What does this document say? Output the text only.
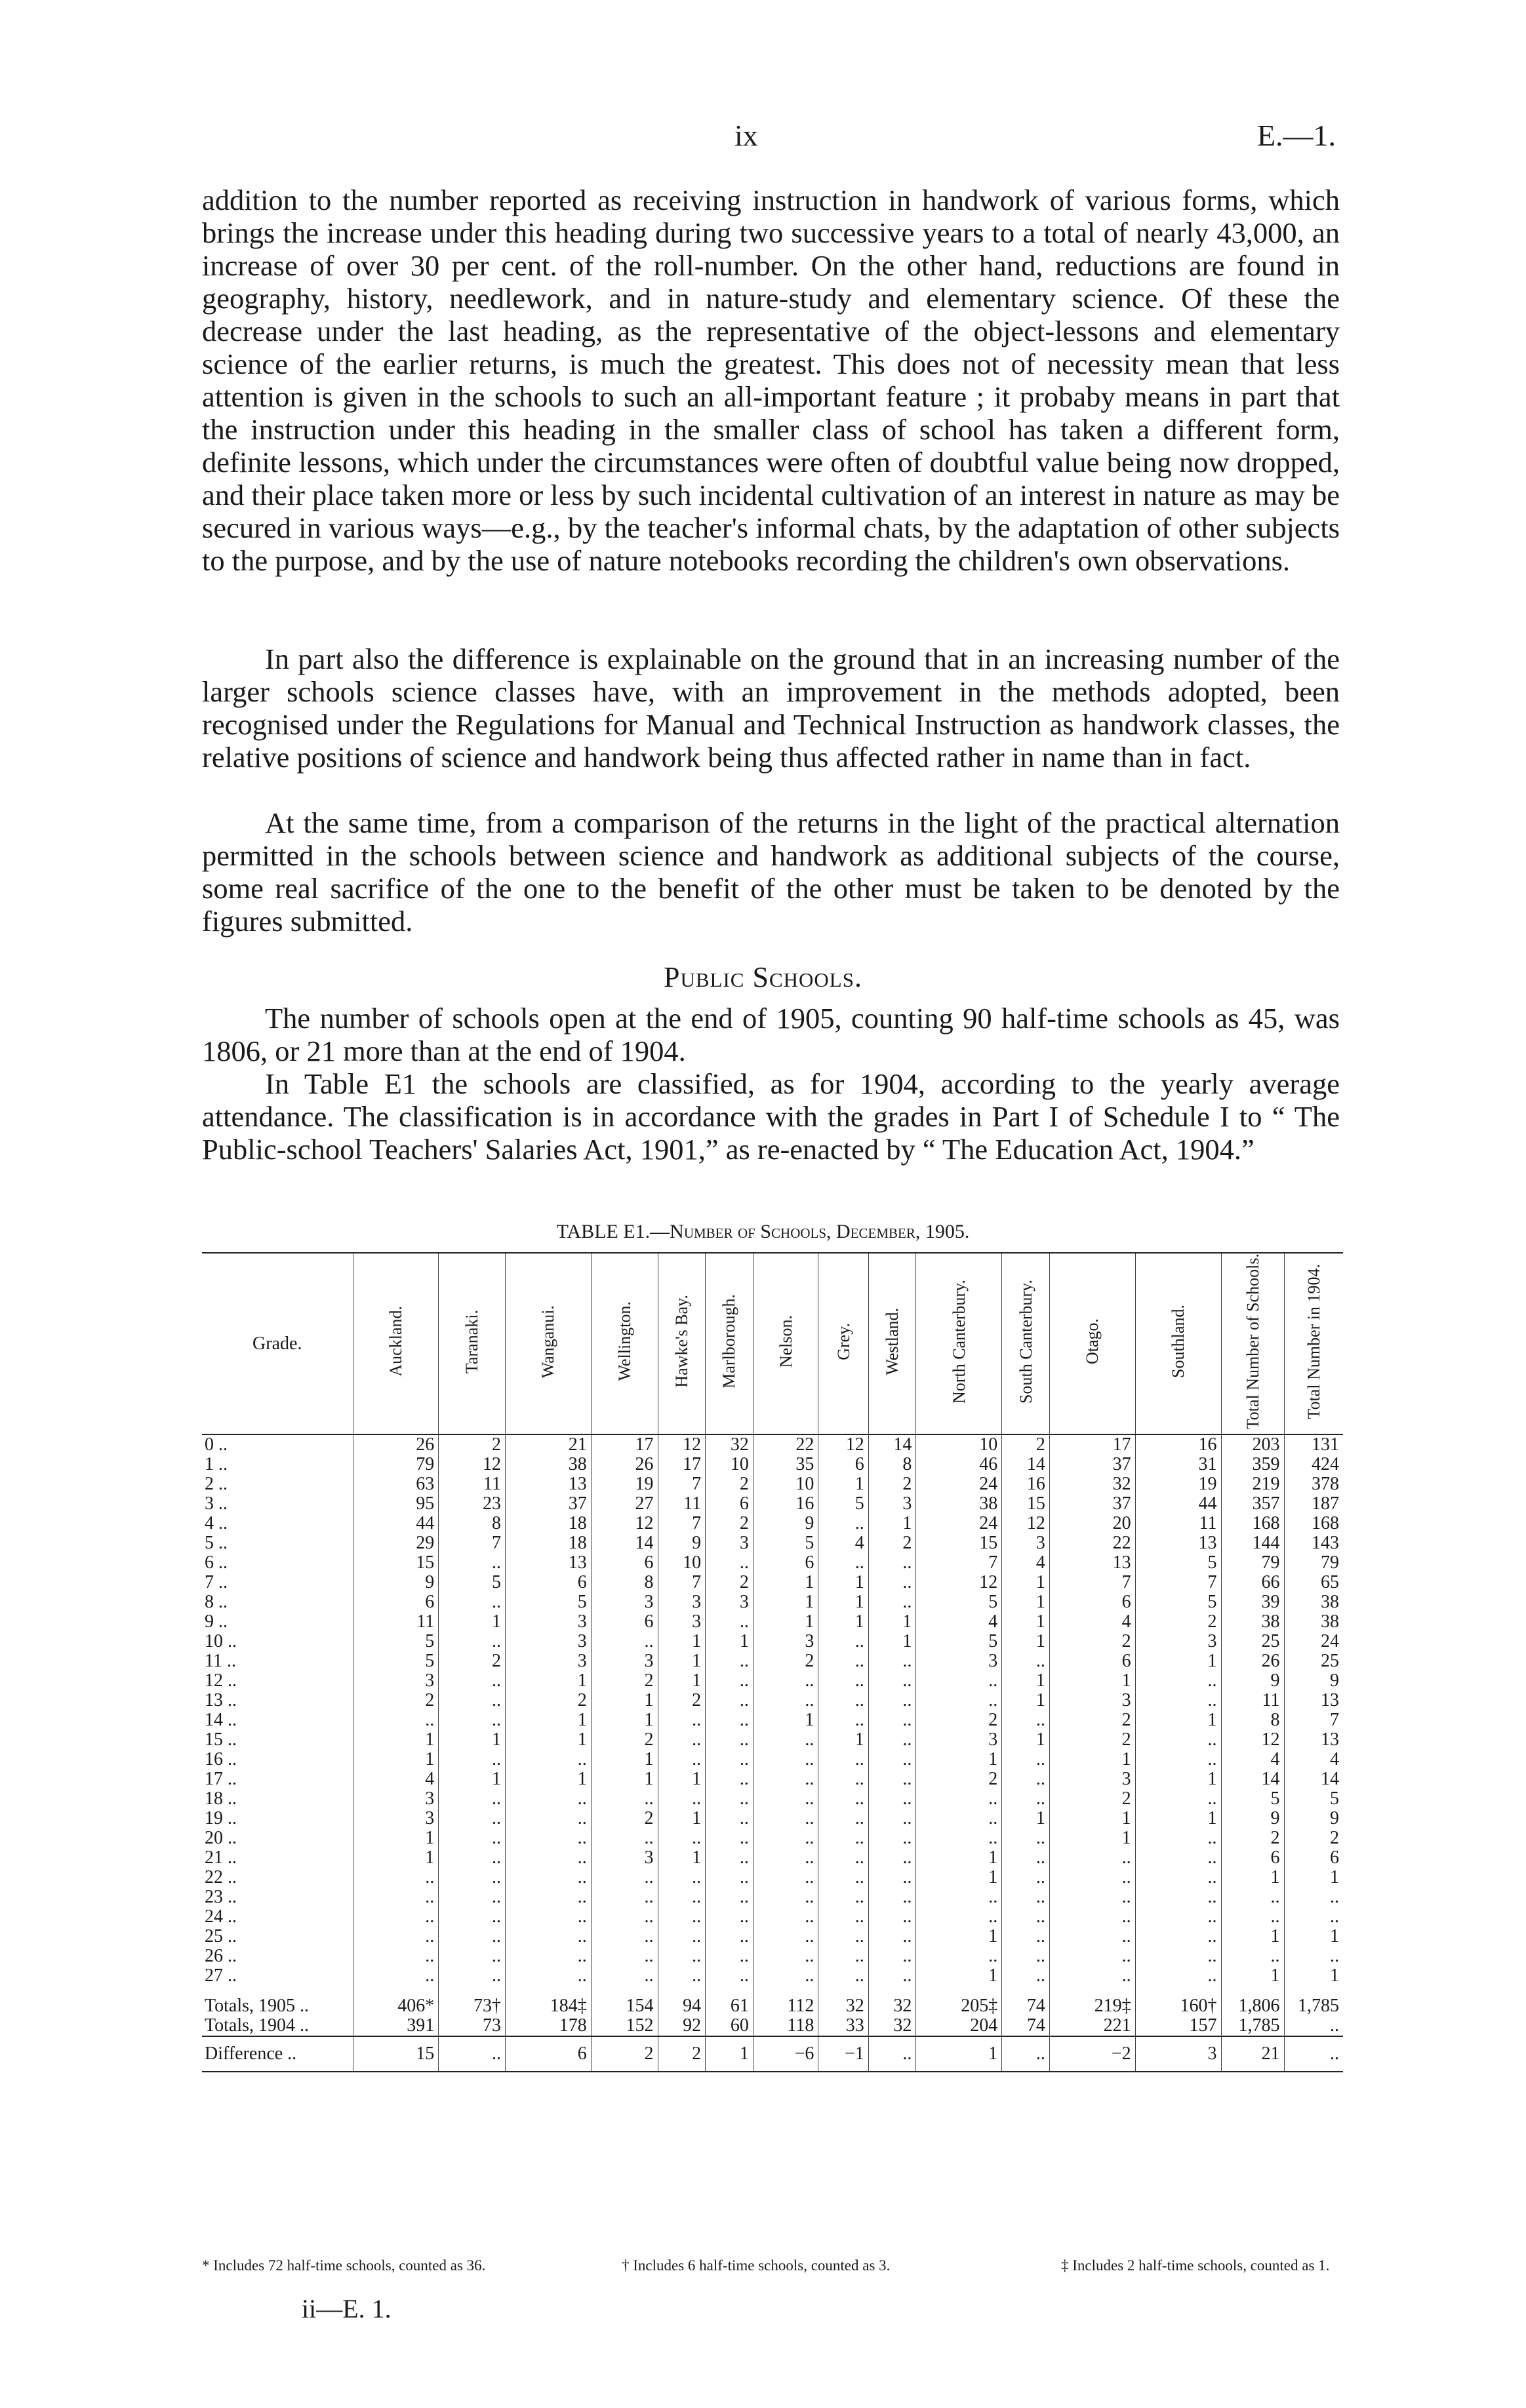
ix	E.—1.

addition to the number reported as receiving instruction in handwork of various forms, which brings the increase under this heading during two successive years to a total of nearly 43,000, an increase of over 30 per cent. of the roll-number. On the other hand, reductions are found in geography, history, needlework, and in nature-study and elementary science. Of these the decrease under the last heading, as the representative of the object-lessons and elementary science of the earlier returns, is much the greatest. This does not of necessity mean that less attention is given in the schools to such an all-important feature ; it probaby means in part that the instruction under this heading in the smaller class of school has taken a different form, definite lessons, which under the circumstances were often of doubtful value being now dropped, and their place taken more or less by such incidental cultivation of an interest in nature as may be secured in various ways—e.g., by the teacher's informal chats, by the adaptation of other subjects to the purpose, and by the use of nature notebooks recording the children's own observations.

In part also the difference is explainable on the ground that in an increasing number of the larger schools science classes have, with an improvement in the methods adopted, been recognised under the Regulations for Manual and Technical Instruction as handwork classes, the relative positions of science and handwork being thus affected rather in name than in fact.

At the same time, from a comparison of the returns in the light of the practical alternation permitted in the schools between science and handwork as additional subjects of the course, some real sacrifice of the one to the benefit of the other must be taken to be denoted by the figures submitted.

Public Schools.

The number of schools open at the end of 1905, counting 90 half-time schools as 45, was 1806, or 21 more than at the end of 1904.

In Table E1 the schools are classified, as for 1904, according to the yearly average attendance. The classification is in accordance with the grades in Part I of Schedule I to “ The Public-school Teachers' Salaries Act, 1901,” as re-enacted by “ The Education Act, 1904.”

TABLE E1.—Number of Schools, December, 1905.
Grade.	Auckland.	Taranaki.	Wanganui.	Wellington.	Hawke's Bay.	Marlborough.	Nelson.	Grey.	Westland.	North Canterbury.	South Canterbury.	Otago.	Southland.	Total Number of Schools.	Total Number in 1904.
0 ..	26	2	21	17	12	32	22	12	14	10	2	17	16	203	131
1 ..	79	12	38	26	17	10	35	6	8	46	14	37	31	359	424
2 ..	63	11	13	19	7	2	10	1	2	24	16	32	19	219	378
3 ..	95	23	37	27	11	6	16	5	3	38	15	37	44	357	187
4 ..	44	8	18	12	7	2	9	..	1	24	12	20	11	168	168
5 ..	29	7	18	14	9	3	5	4	2	15	3	22	13	144	143
6 ..	15	..	13	6	10	..	6	..	..	7	4	13	5	79	79
7 ..	9	5	6	8	7	2	1	1	..	12	1	7	7	66	65
8 ..	6	..	5	3	3	3	1	1	..	5	1	6	5	39	38
9 ..	11	1	3	6	3	..	1	1	1	4	1	4	2	38	38
10 ..	5	..	3	..	1	1	3	..	1	5	1	2	3	25	24
11 ..	5	2	3	3	1	..	2	..	..	3	..	6	1	26	25
12 ..	3	..	1	2	1	..	..	..	..	..	1	1	..	9	9
13 ..	2	..	2	1	2	..	..	..	..	..	1	3	..	11	13
14 ..	..	..	1	1	..	..	1	..	..	2	..	2	1	8	7
15 ..	1	1	1	2	..	..	..	1	..	3	1	2	..	12	13
16 ..	1	..	..	1	..	..	..	..	..	1	..	1	..	4	4
17 ..	4	1	1	1	1	..	..	..	..	2	..	3	1	14	14
18 ..	3	..	..	..	..	..	..	..	..	..	..	2	..	5	5
19 ..	3	..	..	2	1	..	..	..	..	..	1	1	1	9	9
20 ..	1	..	..	..	..	..	..	..	..	..	..	1	..	2	2
21 ..	1	..	..	3	1	..	..	..	..	1	..	..	..	6	6
22 ..	..	..	..	..	..	..	..	..	..	1	..	..	..	1	1
23 ..	..	..	..	..	..	..	..	..	..	..	..	..	..	..	..
24 ..	..	..	..	..	..	..	..	..	..	..	..	..	..	..	..
25 ..	..	..	..	..	..	..	..	..	..	1	..	..	..	1	1
26 ..	..	..	..	..	..	..	..	..	..	..	..	..	..	..	..
27 ..	..	..	..	..	..	..	..	..	..	1	..	..	..	1	1

Totals, 1905 ..	406*	73†	184‡	154	94	61	112	32	32	205‡	74	219‡	160†	1,806	1,785
Totals, 1904 ..	391	73	178	152	92	60	118	33	32	204	74	221	157	1,785	..
Difference ..	15	..	6	2	2	1	−6	−1	..	1	..	−2	3	21	..
* Includes 72 half-time schools, counted as 36.	† Includes 6 half-time schools, counted as 3.	‡ Includes 2 half-time schools, counted as 1.
ii—E. 1.
